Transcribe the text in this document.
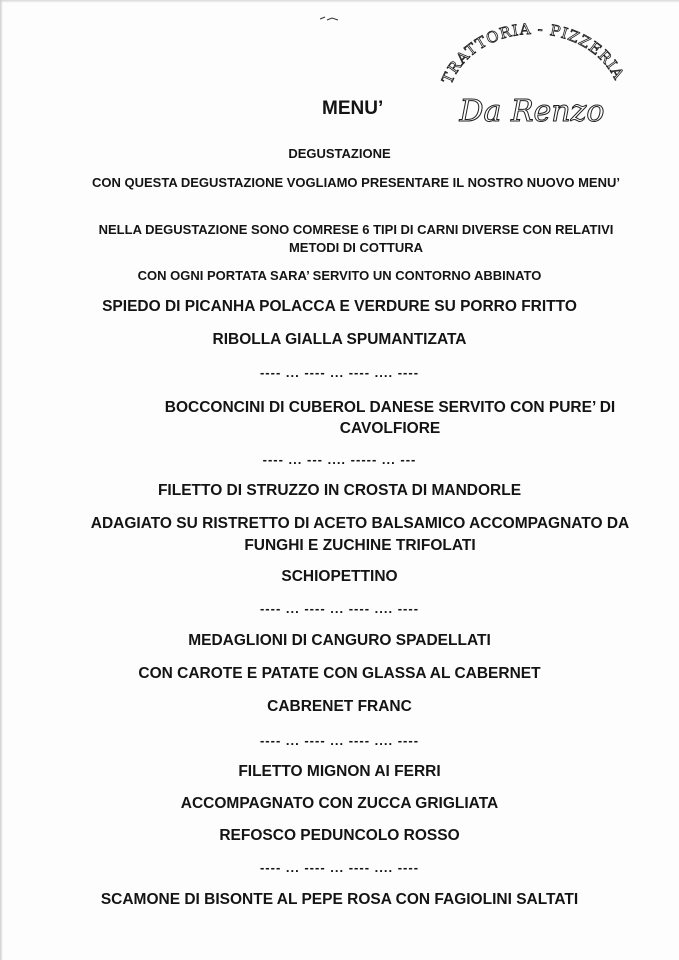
TRATTORIA - PIZZERIA
Da Renzo
MENU’
DEGUSTAZIONE
CON QUESTA DEGUSTAZIONE VOGLIAMO PRESENTARE IL NOSTRO NUOVO MENU’
NELLA DEGUSTAZIONE SONO COMRESE 6 TIPI DI CARNI DIVERSE CON RELATIVI METODI DI COTTURA
CON OGNI PORTATA SARA’ SERVITO UN CONTORNO ABBINATO
SPIEDO DI PICANHA POLACCA E VERDURE SU PORRO FRITTO
RIBOLLA GIALLA SPUMANTIZATA
---- ... ---- ... ---- .... ----
BOCCONCINI DI CUBEROL DANESE SERVITO CON PURE’ DI CAVOLFIORE
---- ... --- .... ----- ... ---
FILETTO DI STRUZZO IN CROSTA DI MANDORLE
ADAGIATO SU RISTRETTO DI ACETO BALSAMICO ACCOMPAGNATO DA FUNGHI E ZUCHINE TRIFOLATI
SCHIOPETTINO
---- ... ---- ... ---- .... ----
MEDAGLIONI DI CANGURO SPADELLATI
CON CAROTE E PATATE CON GLASSA AL CABERNET
CABRENET FRANC
---- ... ---- ... ---- .... ----
FILETTO MIGNON AI FERRI
ACCOMPAGNATO CON ZUCCA GRIGLIATA
REFOSCO PEDUNCOLO ROSSO
---- ... ---- ... ---- .... ----
SCAMONE DI BISONTE AL PEPE ROSA CON FAGIOLINI SALTATI
